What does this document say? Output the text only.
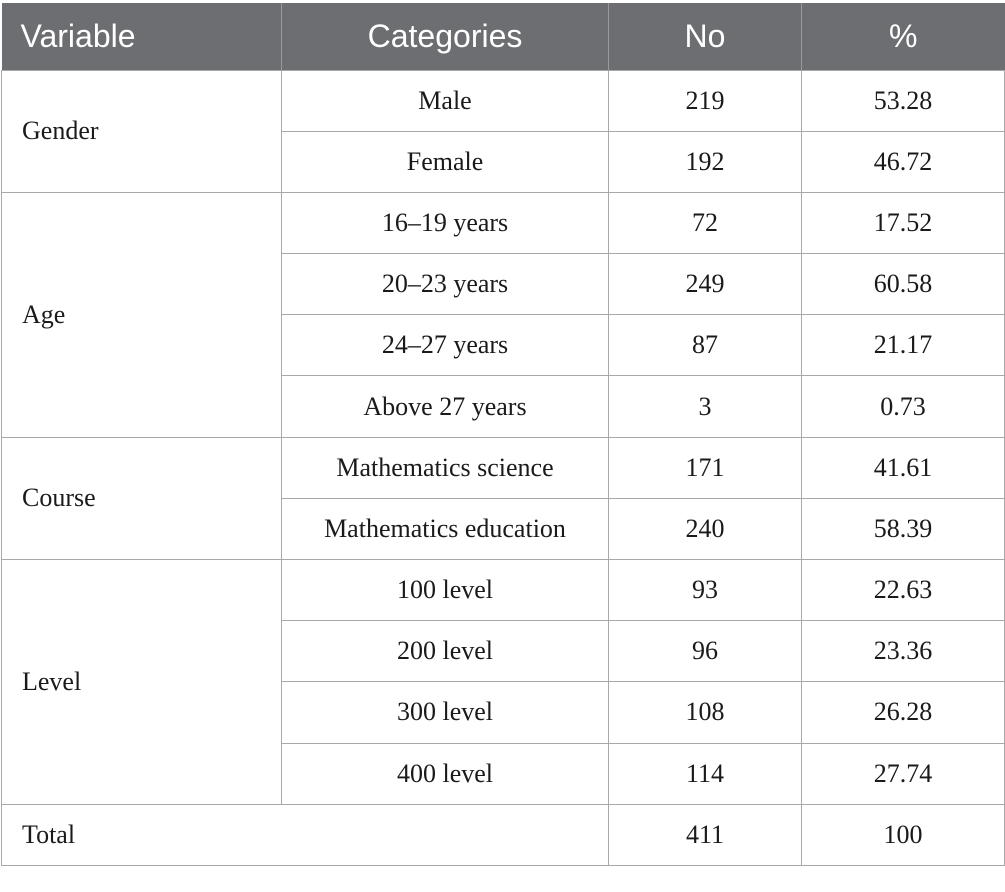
Variable	Categories	No	%
Gender	Male	219	53.28
	Female	192	46.72
Age	16–19 years	72	17.52
	20–23 years	249	60.58
	24–27 years	87	21.17
	Above 27 years	3	0.73
Course	Mathematics science	171	41.61
	Mathematics education	240	58.39
Level	100 level	93	22.63
	200 level	96	23.36
	300 level	108	26.28
	400 level	114	27.74
Total		411	100
